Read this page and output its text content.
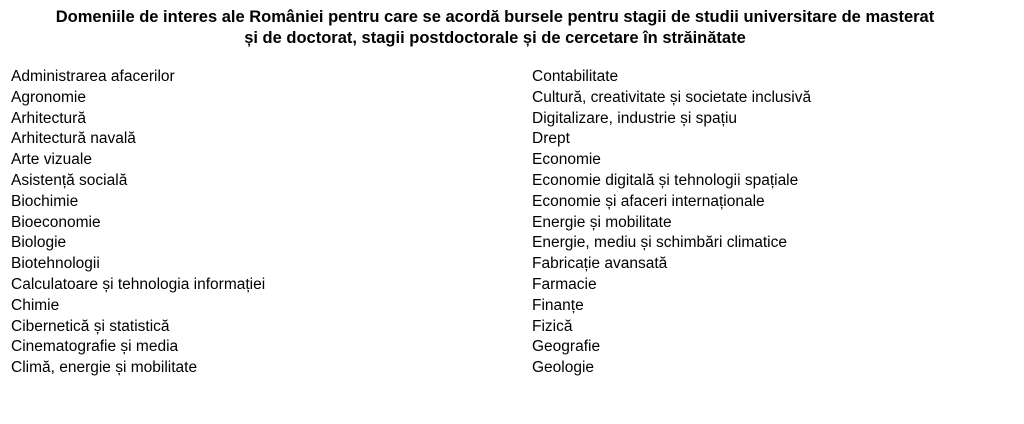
Domeniile de interes ale României pentru care se acordă bursele pentru stagii de studii universitare de masterat
și de doctorat, stagii postdoctorale și de cercetare în străinătate
Administrarea afacerilor
Agronomie
Arhitectură
Arhitectură navală
Arte vizuale
Asistență socială
Biochimie
Bioeconomie
Biologie
Biotehnologii
Calculatoare și tehnologia informației
Chimie
Cibernetică și statistică
Cinematografie și media
Climă, energie și mobilitate
Contabilitate
Cultură, creativitate și societate inclusivă
Digitalizare, industrie și spațiu
Drept
Economie
Economie digitală și tehnologii spațiale
Economie și afaceri internaționale
Energie și mobilitate
Energie, mediu și schimbări climatice
Fabricație avansată
Farmacie
Finanțe
Fizică
Geografie
Geologie
